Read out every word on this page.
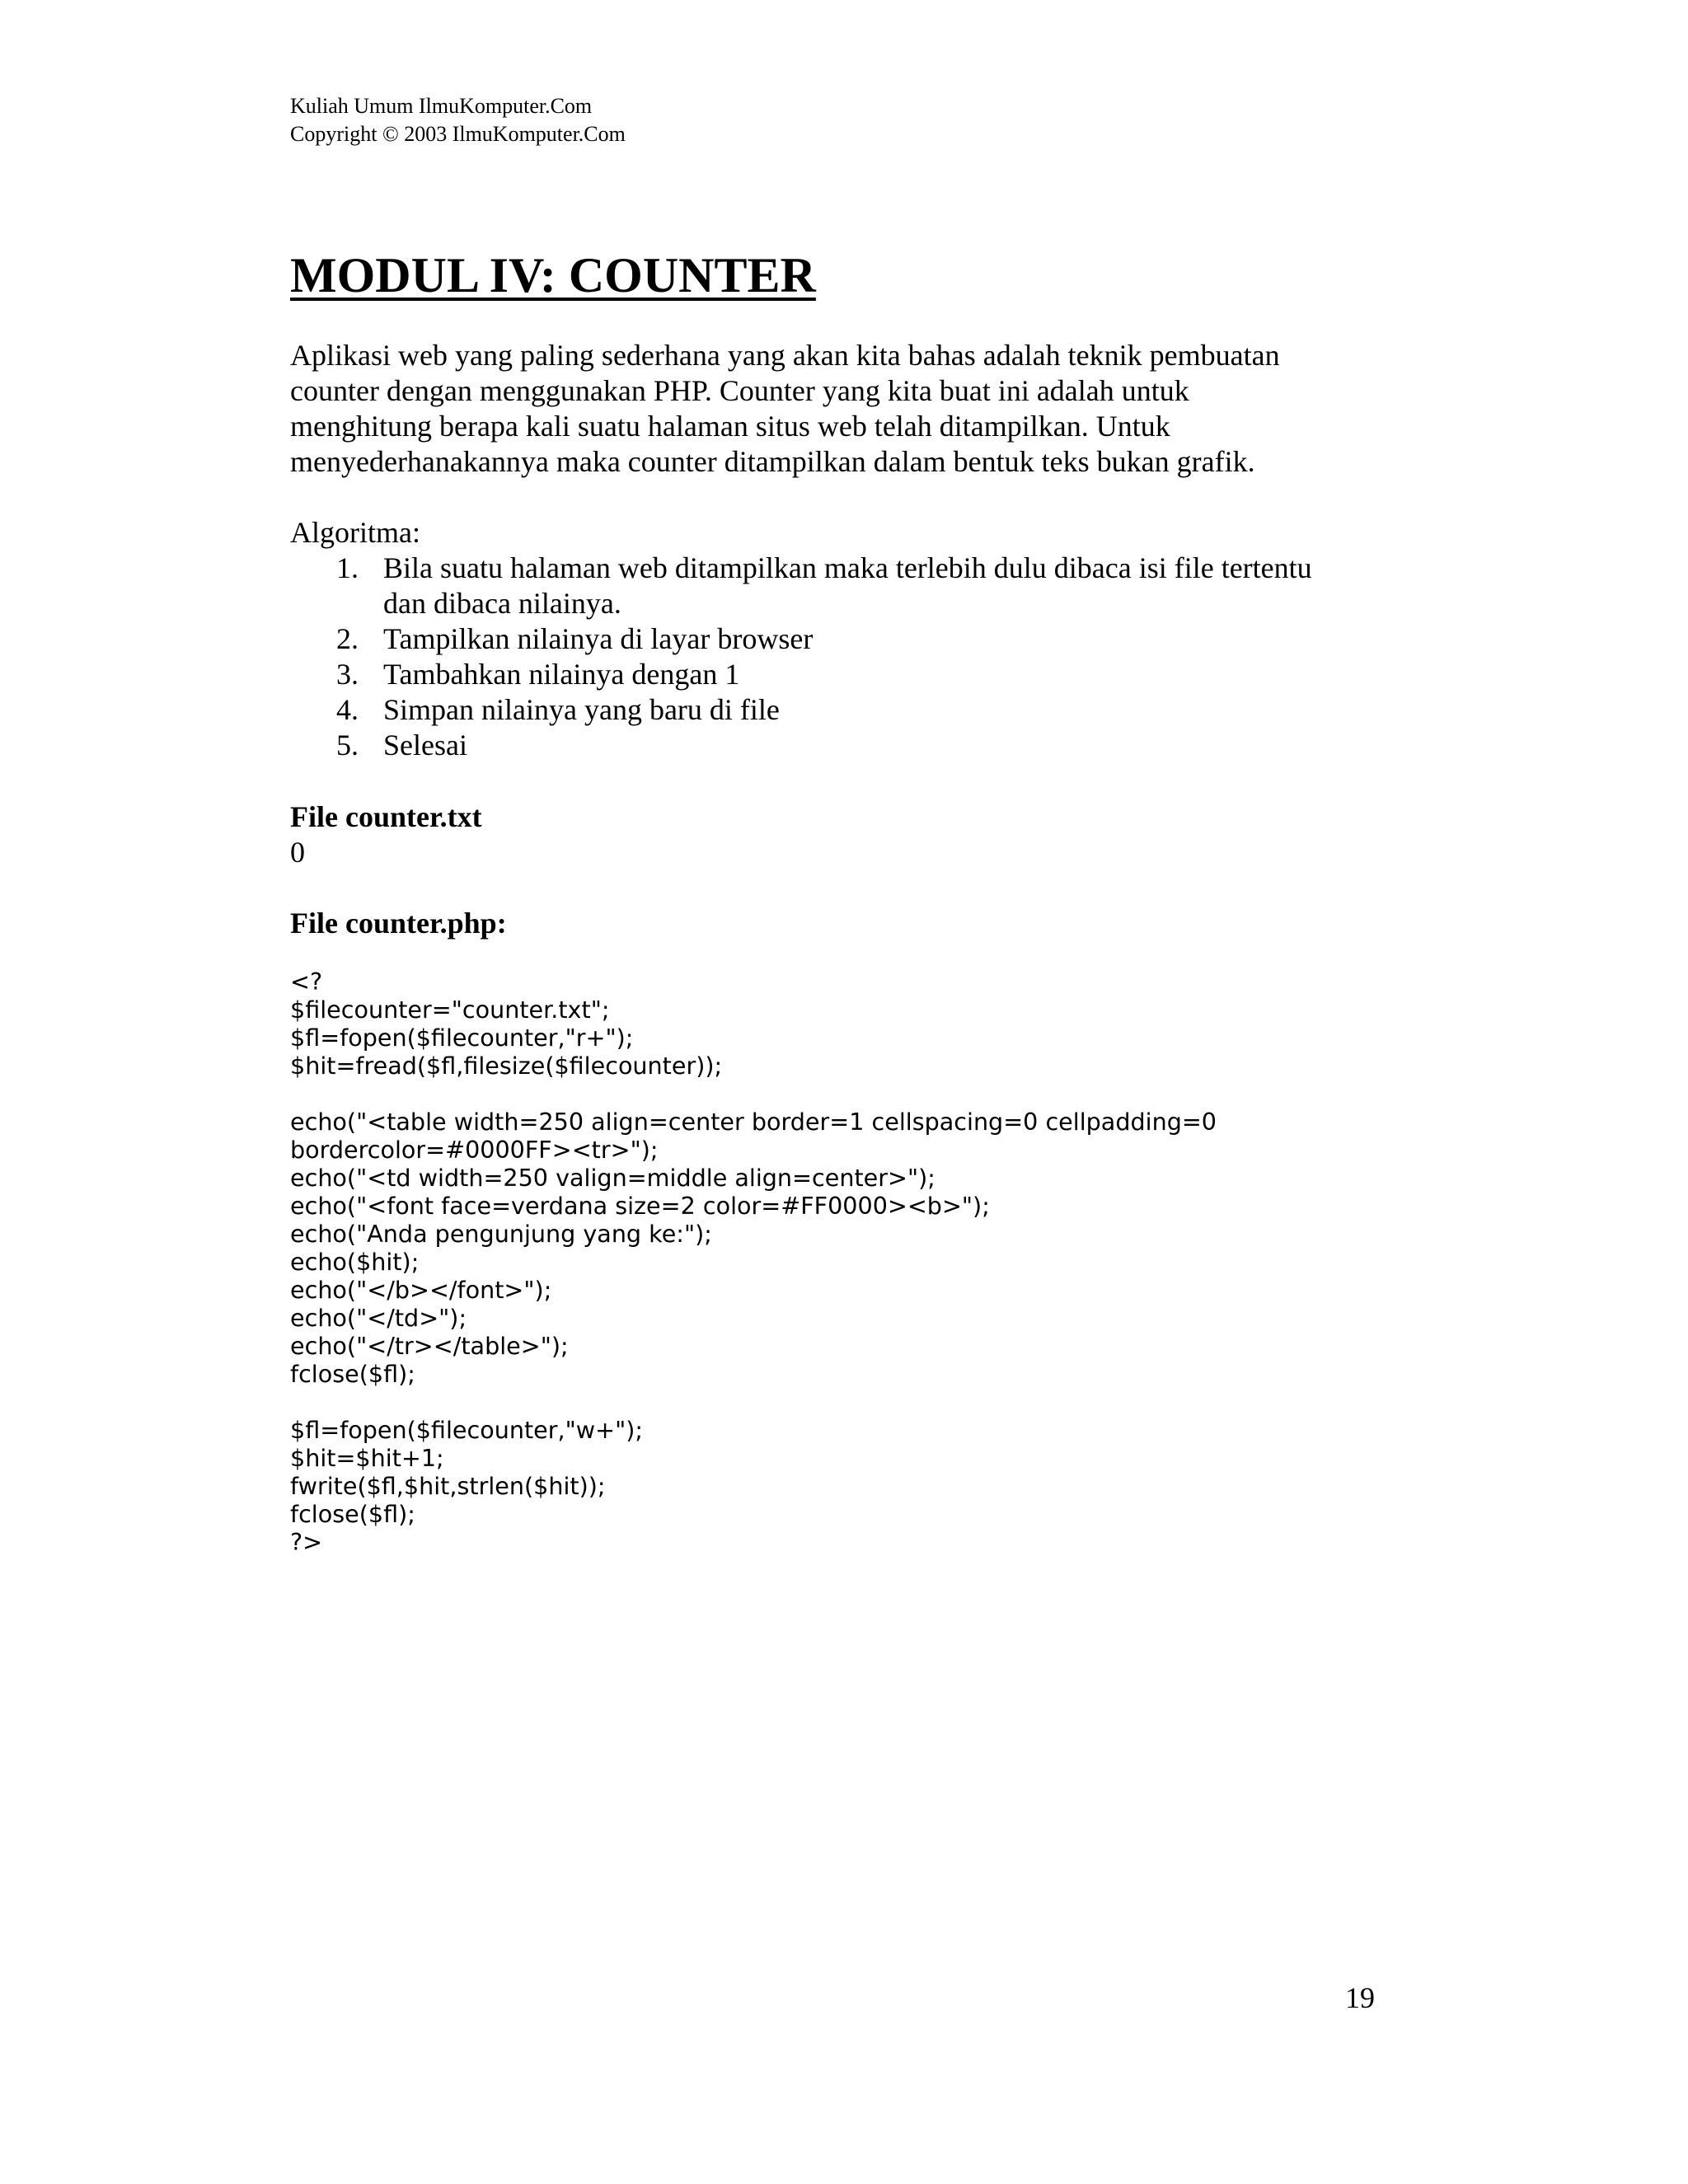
Kuliah Umum IlmuKomputer.Com
Copyright © 2003 IlmuKomputer.Com
MODUL IV: COUNTER

Aplikasi web yang paling sederhana yang akan kita bahas adalah teknik pembuatan
counter dengan menggunakan PHP. Counter yang kita buat ini adalah untuk
menghitung berapa kali suatu halaman situs web telah ditampilkan. Untuk
menyederhanakannya maka counter ditampilkan dalam bentuk teks bukan grafik.

Algoritma:
1. Bila suatu halaman web ditampilkan maka terlebih dulu dibaca isi file tertentu
dan dibaca nilainya.
2. Tampilkan nilainya di layar browser
3. Tambahkan nilainya dengan 1
4. Simpan nilainya yang baru di file
5. Selesai
File counter.txt
0
File counter.php:
<?
$filecounter="counter.txt";
$fl=fopen($filecounter,"r+");
$hit=fread($fl,filesize($filecounter));
echo("<table width=250 align=center border=1 cellspacing=0 cellpadding=0
bordercolor=#0000FF><tr>");
echo("<td width=250 valign=middle align=center>");
echo("<font face=verdana size=2 color=#FF0000><b>");
echo("Anda pengunjung yang ke:");
echo($hit);
echo("</b></font>");
echo("</td>");
echo("</tr></table>");
fclose($fl);
$fl=fopen($filecounter,"w+");
$hit=$hit+1;
fwrite($fl,$hit,strlen($hit));
fclose($fl);
?>
19
